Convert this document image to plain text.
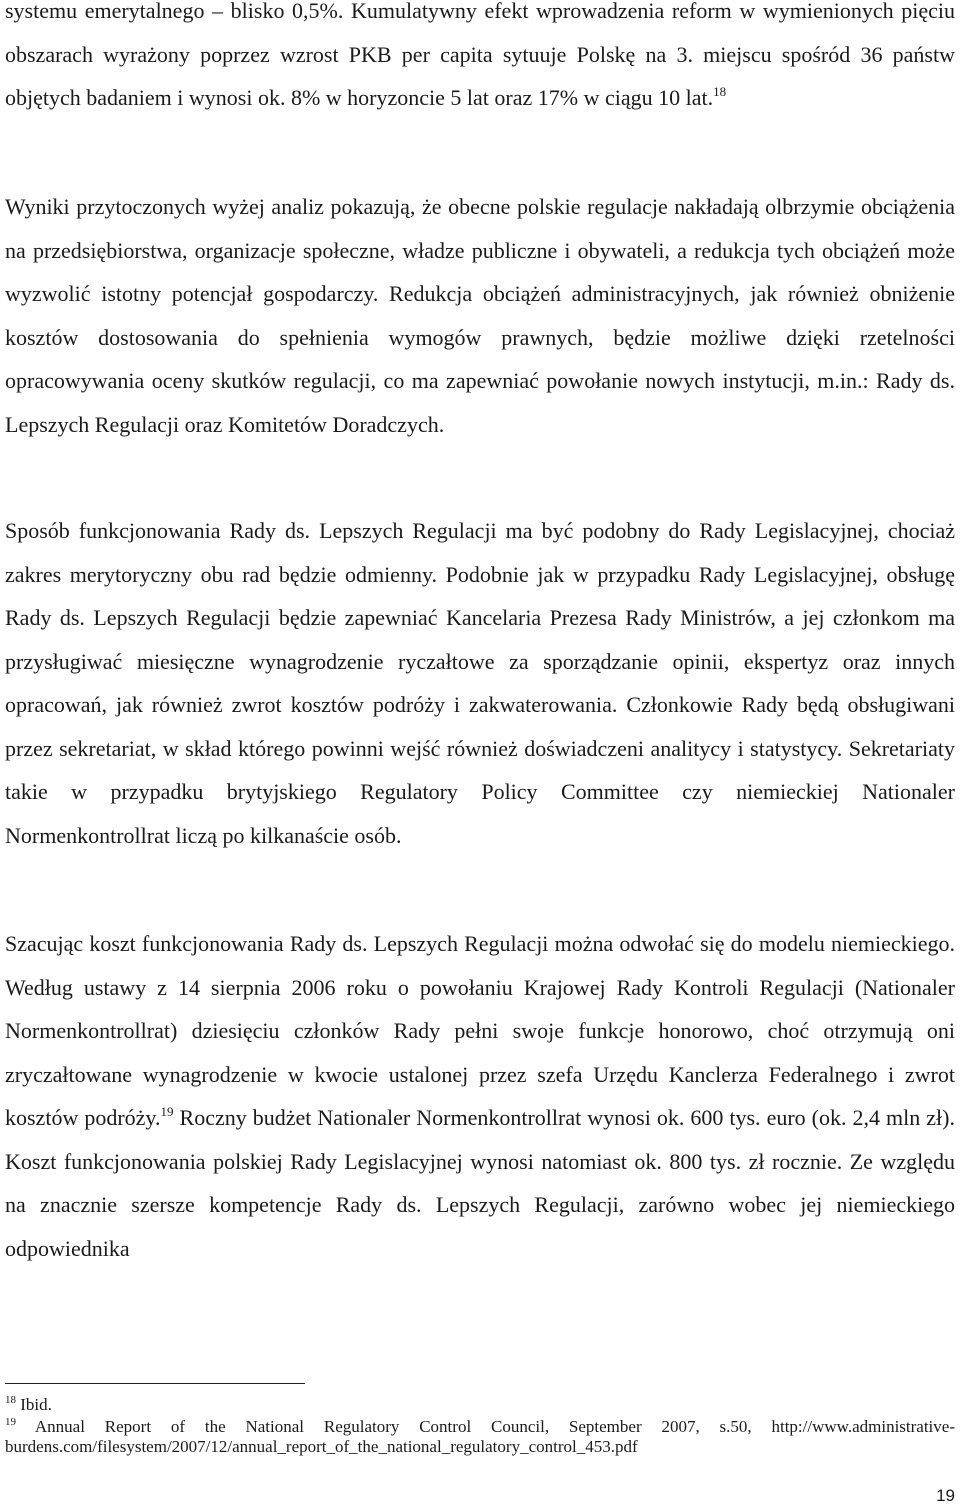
systemu emerytalnego – blisko 0,5%. Kumulatywny efekt wprowadzenia reform w wymienionych pięciu obszarach wyrażony poprzez wzrost PKB per capita sytuuje Polskę na 3. miejscu spośród 36 państw objętych badaniem i wynosi ok. 8% w horyzoncie 5 lat oraz 17% w ciągu 10 lat.$^{18}$

Wyniki przytoczonych wyżej analiz pokazują, że obecne polskie regulacje nakładają olbrzymie obciążenia na przedsiębiorstwa, organizacje społeczne, władze publiczne i obywateli, a redukcja tych obciążeń może wyzwolić istotny potencjał gospodarczy. Redukcja obciążeń administracyjnych, jak również obniżenie kosztów dostosowania do spełnienia wymogów prawnych, będzie możliwe dzięki rzetelności opracowywania oceny skutków regulacji, co ma zapewniać powołanie nowych instytucji, m.in.: Rady ds. Lepszych Regulacji oraz Komitetów Doradczych.

Sposób funkcjonowania Rady ds. Lepszych Regulacji ma być podobny do Rady Legislacyjnej, chociaż zakres merytoryczny obu rad będzie odmienny. Podobnie jak w przypadku Rady Legislacyjnej, obsługę Rady ds. Lepszych Regulacji będzie zapewniać Kancelaria Prezesa Rady Ministrów, a jej członkom ma przysługiwać miesięczne wynagrodzenie ryczałtowe za sporządzanie opinii, ekspertyz oraz innych opracowań, jak również zwrot kosztów podróży i zakwaterowania. Członkowie Rady będą obsługiwani przez sekretariat, w skład którego powinni wejść również doświadczeni analitycy i statystycy. Sekretariaty takie w przypadku brytyjskiego Regulatory Policy Committee czy niemieckiej Nationaler Normenkontrollrat liczą po kilkanaście osób.

Szacując koszt funkcjonowania Rady ds. Lepszych Regulacji można odwołać się do modelu niemieckiego. Według ustawy z 14 sierpnia 2006 roku o powołaniu Krajowej Rady Kontroli Regulacji (Nationaler Normenkontrollrat) dziesięciu członków Rady pełni swoje funkcje honorowo, choć otrzymują oni zryczałtowane wynagrodzenie w kwocie ustalonej przez szefa Urzędu Kanclerza Federalnego i zwrot kosztów podróży.$^{19}$ Roczny budżet Nationaler Normenkontrollrat wynosi ok. 600 tys. euro (ok. 2,4 mln zł). Koszt funkcjonowania polskiej Rady Legislacyjnej wynosi natomiast ok. 800 tys. zł rocznie. Ze względu na znacznie szersze kompetencje Rady ds. Lepszych Regulacji, zarówno wobec jej niemieckiego odpowiednika

$^{18}$ Ibid.

$^{19}$ Annual Report of the National Regulatory Control Council, September 2007, s.50, http://www.administrative-burdens.com/filesystem/2007/12/annual_report_of_the_national_regulatory_control_453.pdf

19
